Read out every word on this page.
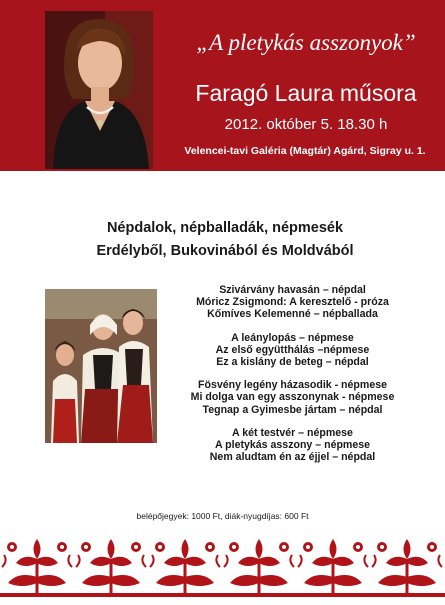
„A pletykás asszonyok”
Faragó Laura műsora
2012. október 5. 18.30 h
Velencei-tavi Galéria (Magtár) Agárd, Sigray u. 1.
Népdalok, népballadák, népmesék
Erdélyből, Bukovinából és Moldvából
Szivárvány havasán – népdal
Móricz Zsigmond: A keresztelő - próza
Kőmíves Kelemenné – népballada
A leánylopás – népmese
Az első együtthálás –népmese
Ez a kislány de beteg – népdal
Fösvény legény házasodik - népmese
Mi dolga van egy asszonynak - népmese
Tegnap a Gyimesbe jártam – népdal
A két testvér – népmese
A pletykás asszony – népmese
Nem aludtam én az éjjel – népdal
belépőjegyek: 1000 Ft, diák-nyugdíjas: 600 Ft
